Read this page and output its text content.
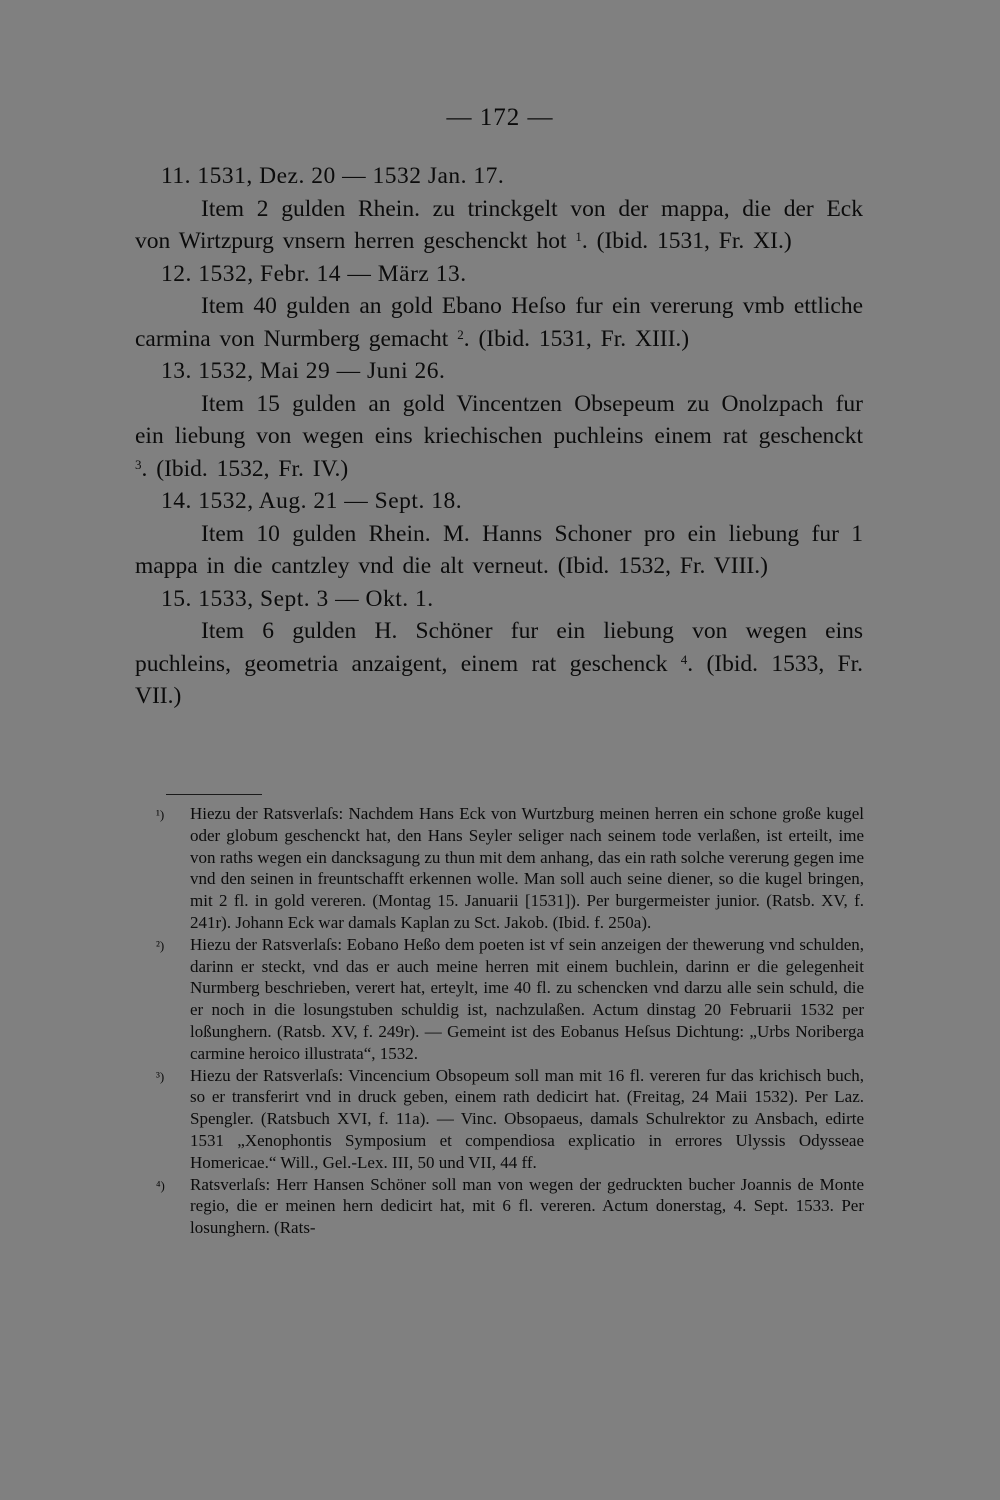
— 172 —

11. 1531, Dez. 20 — 1532 Jan. 17.

Item 2 gulden Rhein. zu trinckgelt von der mappa, die der Eck von Wirtzpurg vnsern herren geschenckt hot $^1$. (Ibid. 1531, Fr. XI.)

12. 1532, Febr. 14 — März 13.

Item 40 gulden an gold Ebano Heſso fur ein vererung vmb ettliche carmina von Nurmberg gemacht $^2$. (Ibid. 1531, Fr. XIII.)

13. 1532, Mai 29 — Juni 26.

Item 15 gulden an gold Vincentzen Obsepeum zu Onolzpach fur ein liebung von wegen eins kriechischen puchleins einem rat geschenckt $^3$. (Ibid. 1532, Fr. IV.)

14. 1532, Aug. 21 — Sept. 18.

Item 10 gulden Rhein. M. Hanns Schoner pro ein liebung fur 1 mappa in die cantzley vnd die alt verneut. (Ibid. 1532, Fr. VIII.)

15. 1533, Sept. 3 — Okt. 1.

Item 6 gulden H. Schöner fur ein liebung von wegen eins puchleins, geometria anzaigent, einem rat geschenck $^4$. (Ibid. 1533, Fr. VII.)

¹)	Hiezu der Ratsverlaſs: Nachdem Hans Eck von Wurtzburg meinen herren ein schone große kugel oder globum geschenckt hat, den Hans Seyler seliger nach seinem tode verlaßen, ist erteilt, ime von raths wegen ein dancksagung zu thun mit dem anhang, das ein rath solche vererung gegen ime vnd den seinen in freuntschafft erkennen wolle. Man soll auch seine diener, so die kugel bringen, mit 2 fl. in gold vereren. (Montag 15. Januarii [1531]). Per burgermeister junior. (Ratsb. XV, f. 241r). Johann Eck war damals Kaplan zu Sct. Jakob. (Ibid. f. 250a).

²)	Hiezu der Ratsverlaſs: Eobano Heßo dem poeten ist vf sein anzeigen der thewerung vnd schulden, darinn er steckt, vnd das er auch meine herren mit einem buchlein, darinn er die gelegenheit Nurmberg beschrieben, verert hat, erteylt, ime 40 fl. zu schencken vnd darzu alle sein schuld, die er noch in die losungstuben schuldig ist, nachzulaßen. Actum dinstag 20 Februarii 1532 per loßunghern. (Ratsb. XV, f. 249r). — Gemeint ist des Eobanus Heſsus Dichtung: „Urbs Noriberga carmine heroico illustrata“, 1532.

³)	Hiezu der Ratsverlaſs: Vincencium Obsopeum soll man mit 16 fl. vereren fur das krichisch buch, so er transferirt vnd in druck geben, einem rath dedicirt hat. (Freitag, 24 Maii 1532). Per Laz. Spengler. (Ratsbuch XVI, f. 11a). — Vinc. Obsopaeus, damals Schulrektor zu Ansbach, edirte 1531 „Xenophontis Symposium et compendiosa explicatio in errores Ulyssis Odysseae Homericae.“ Will., Gel.-Lex. III, 50 und VII, 44 ff.

⁴)	Ratsverlaſs: Herr Hansen Schöner soll man von wegen der gedruckten bucher Joannis de Monte regio, die er meinen hern dedicirt hat, mit 6 fl. vereren. Actum donerstag, 4. Sept. 1533. Per losunghern. (Rats-
